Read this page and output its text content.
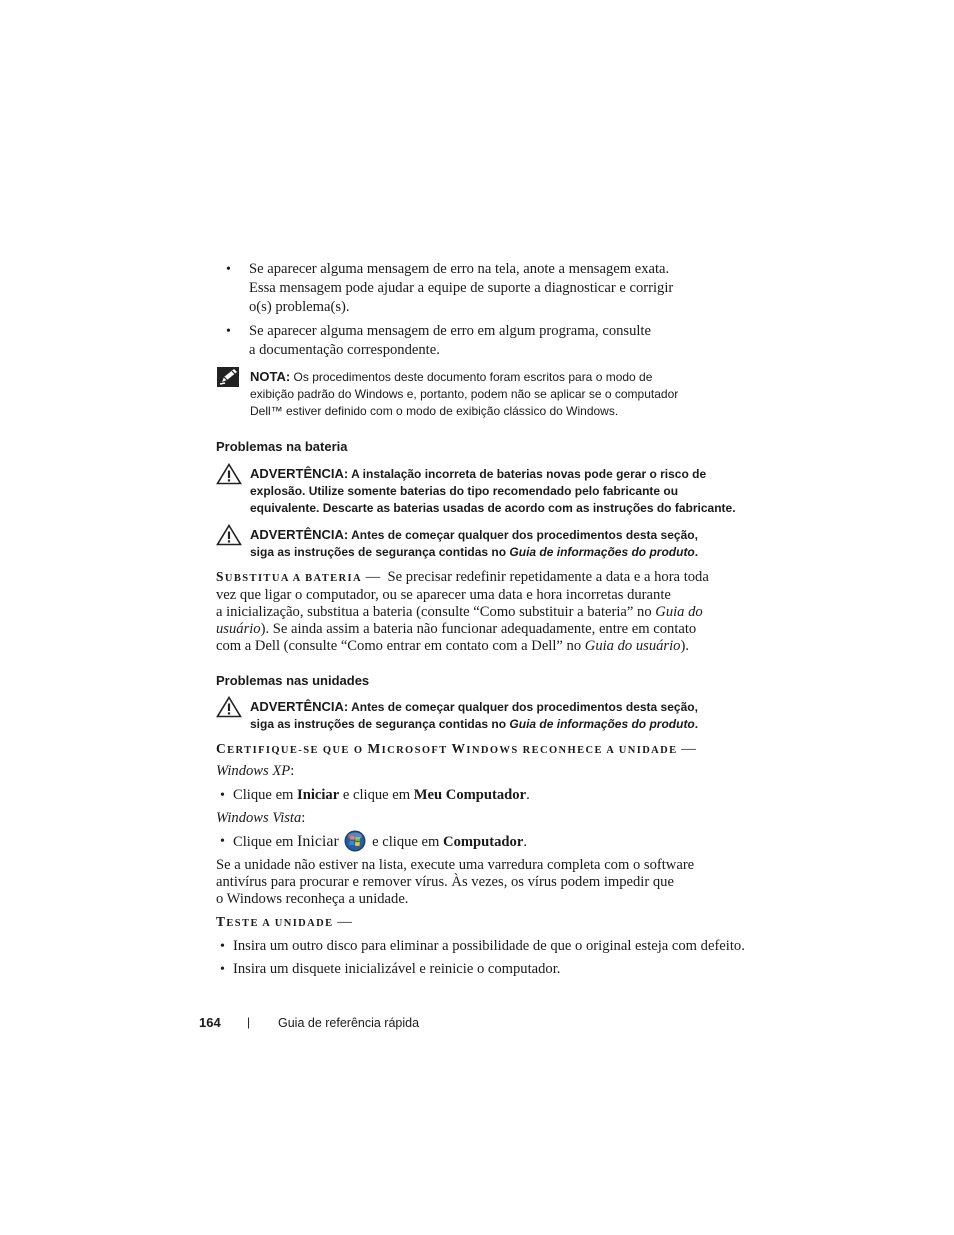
• Se aparecer alguma mensagem de erro na tela, anote a mensagem exata.
Essa mensagem pode ajudar a equipe de suporte a diagnosticar e corrigir
o(s) problema(s).
• Se aparecer alguma mensagem de erro em algum programa, consulte
a documentação correspondente.
NOTA: Os procedimentos deste documento foram escritos para o modo de
exibição padrão do Windows e, portanto, podem não se aplicar se o computador
Dell™ estiver definido com o modo de exibição clássico do Windows.
Problemas na bateria
ADVERTÊNCIA: A instalação incorreta de baterias novas pode gerar o risco de
explosão. Utilize somente baterias do tipo recomendado pelo fabricante ou
equivalente. Descarte as baterias usadas de acordo com as instruções do fabricante.
ADVERTÊNCIA: Antes de começar qualquer dos procedimentos desta seção,
siga as instruções de segurança contidas no Guia de informações do produto.
SUBSTITUA A BATERIA — Se precisar redefinir repetidamente a data e a hora toda
vez que ligar o computador, ou se aparecer uma data e hora incorretas durante
a inicialização, substitua a bateria (consulte “Como substituir a bateria” no Guia do
usuário). Se ainda assim a bateria não funcionar adequadamente, entre em contato
com a Dell (consulte “Como entrar em contato com a Dell” no Guia do usuário).
Problemas nas unidades
ADVERTÊNCIA: Antes de começar qualquer dos procedimentos desta seção,
siga as instruções de segurança contidas no Guia de informações do produto.
CERTIFIQUE-SE QUE O MICROSOFT WINDOWS RECONHECE A UNIDADE —
Windows XP:
• Clique em Iniciar e clique em Meu Computador.
Windows Vista:
• Clique em Iniciar  e clique em Computador.
Se a unidade não estiver na lista, execute uma varredura completa com o software
antivírus para procurar e remover vírus. Às vezes, os vírus podem impedir que
o Windows reconheça a unidade.
TESTE A UNIDADE —
• Insira um outro disco para eliminar a possibilidade de que o original esteja com defeito.
• Insira um disquete inicializável e reinicie o computador.
164 | Guia de referência rápida
